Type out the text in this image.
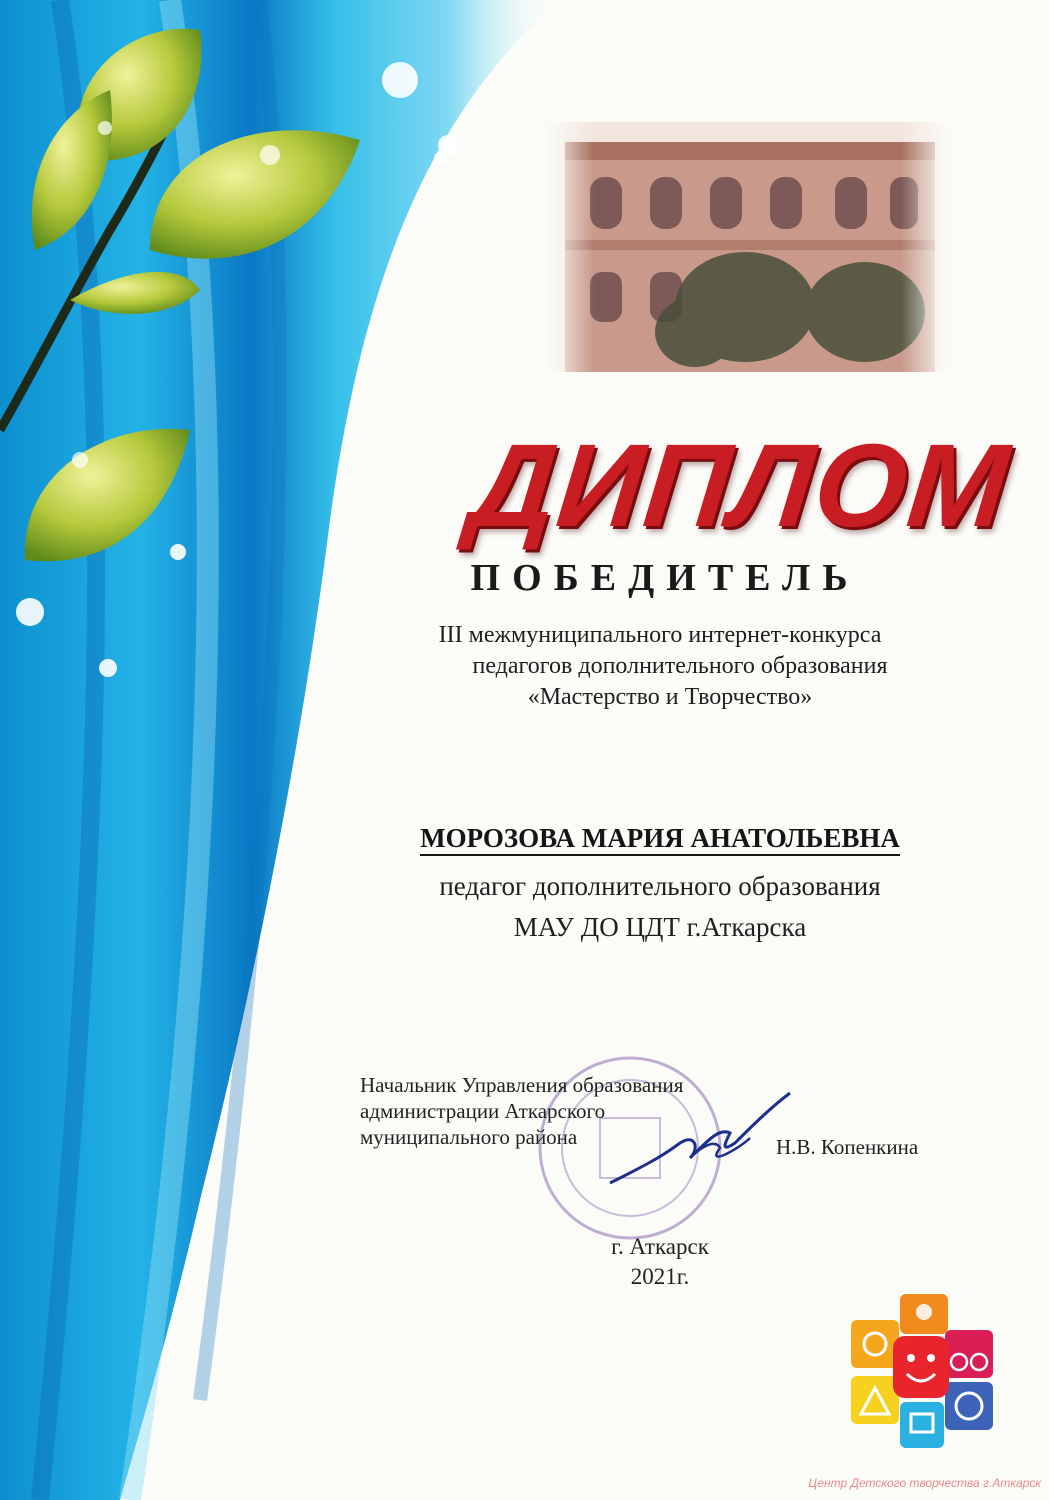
ДИПЛОМ
ПОБЕДИТЕЛЬ
III межмуниципального интернет-конкурса
педагогов дополнительного образования
«Мастерство и Творчество»
МОРОЗОВА МАРИЯ АНАТОЛЬЕВНА
педагог дополнительного образования
МАУ ДО ЦДТ г.Аткарска
Начальник Управления образования
администрации Аткарского
муниципального района	Н.В. Копенкина
г. Аткарск
2021г.
Центр Детского творчества г.Аткарск
